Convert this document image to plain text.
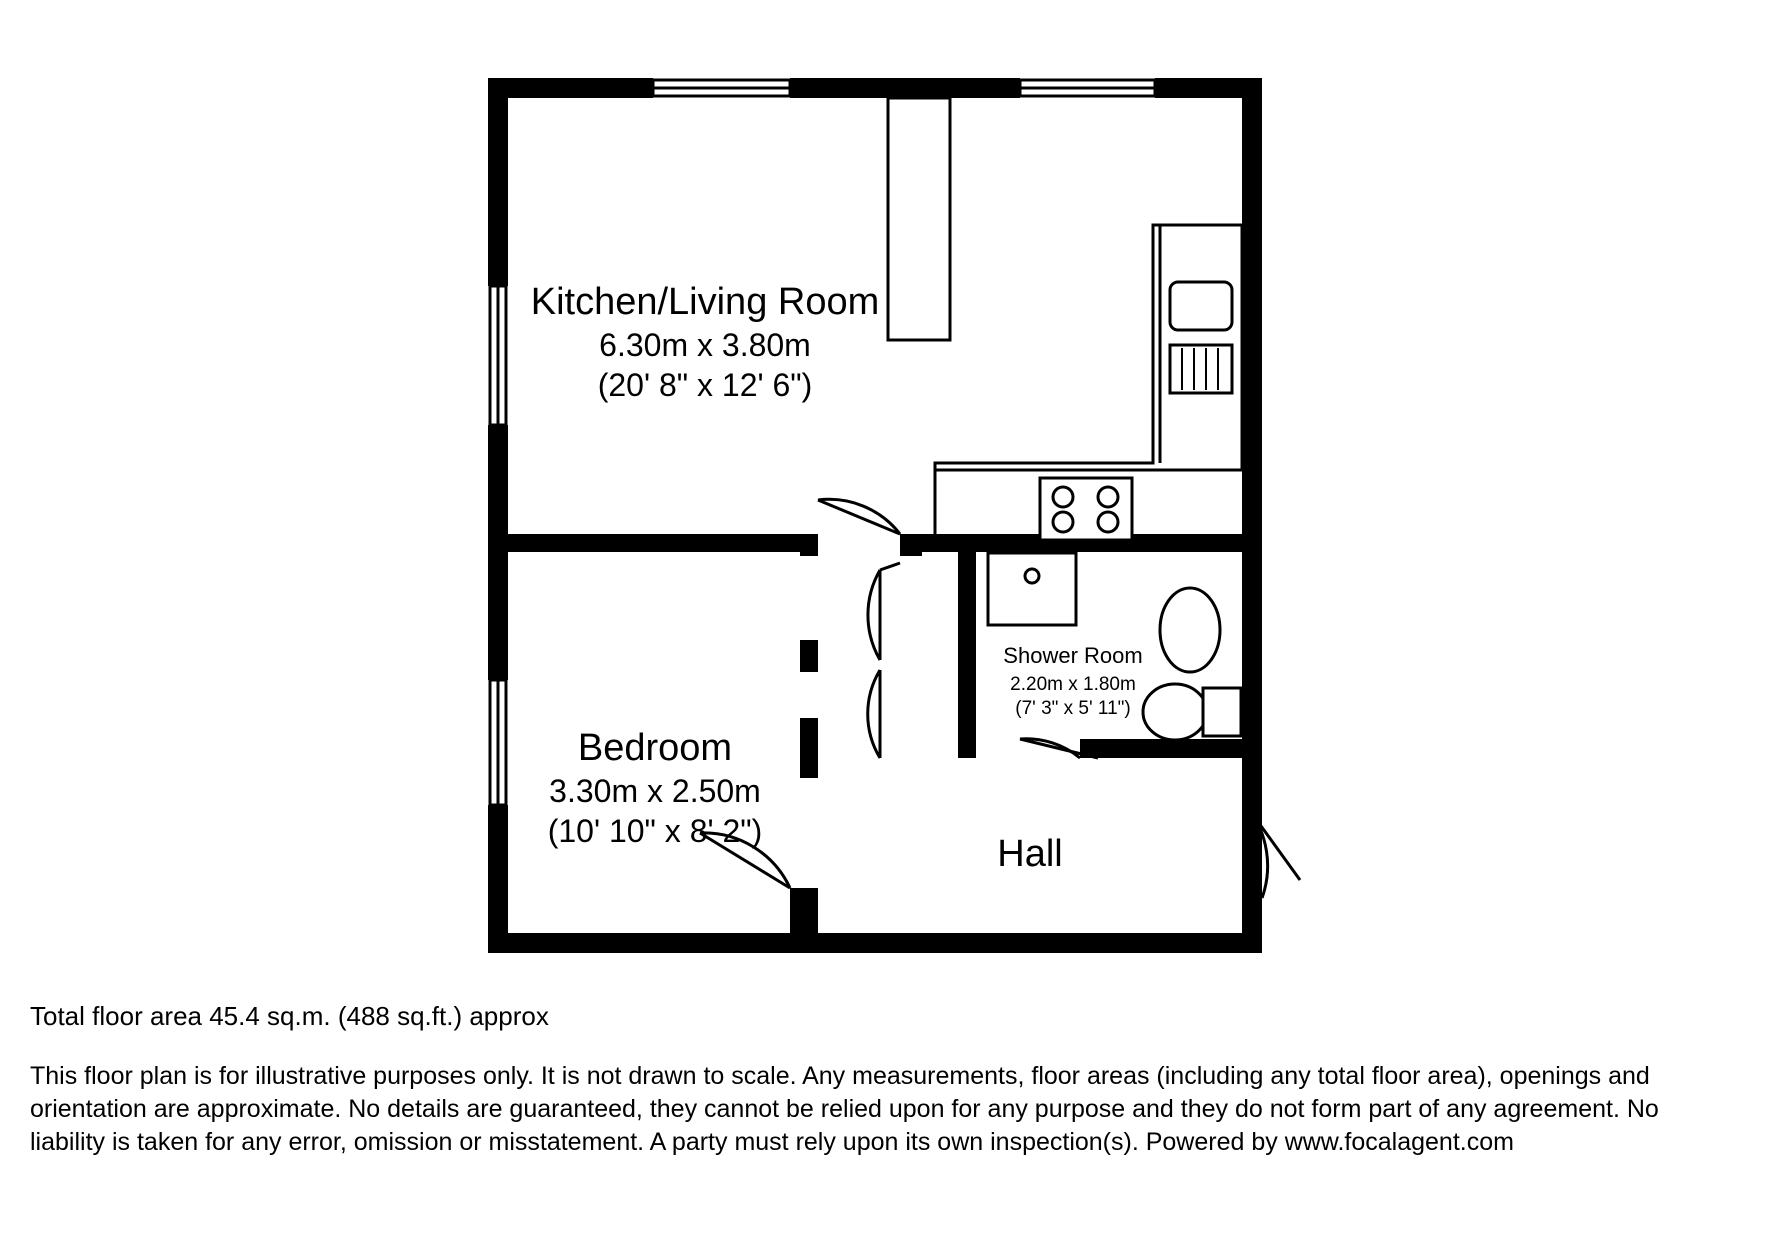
Kitchen/Living Room
6.30m x 3.80m
(20' 8" x 12' 6")
Bedroom
3.30m x 2.50m
(10' 10" x 8' 2")
Shower Room
2.20m x 1.80m
(7' 3" x 5' 11")
Hall

Total floor area 45.4 sq.m. (488 sq.ft.) approx

This floor plan is for illustrative purposes only. It is not drawn to scale. Any measurements, floor areas (including any total floor area), openings and orientation are approximate. No details are guaranteed, they cannot be relied upon for any purpose and they do not form part of any agreement. No liability is taken for any error, omission or misstatement. A party must rely upon its own inspection(s). Powered by www.focalagent.com
